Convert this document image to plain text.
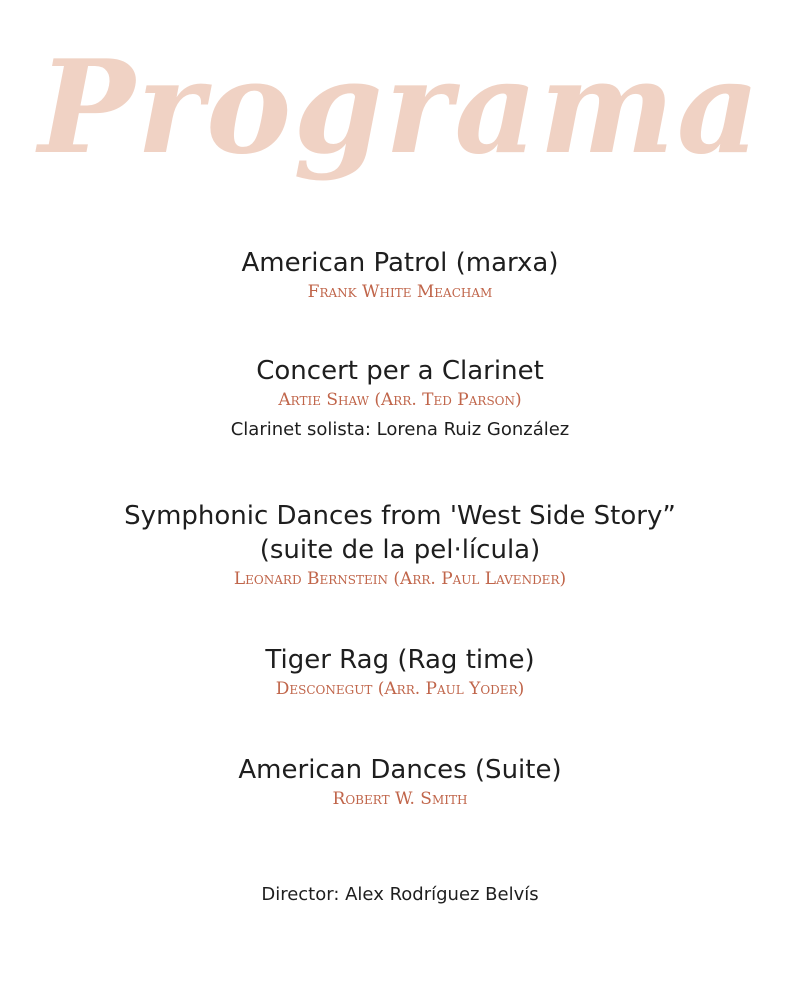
Programa
American Patrol (marxa)
Frank White Meacham
Concert per a Clarinet
Artie Shaw (Arr. Ted Parson)
Clarinet solista: Lorena Ruiz González
Symphonic Dances from 'West Side Story”
(suite de la pel·lícula)
Leonard Bernstein (Arr. Paul Lavender)
Tiger Rag (Rag time)
Desconegut (Arr. Paul Yoder)
American Dances (Suite)
Robert W. Smith
Director: Alex Rodríguez Belvís
